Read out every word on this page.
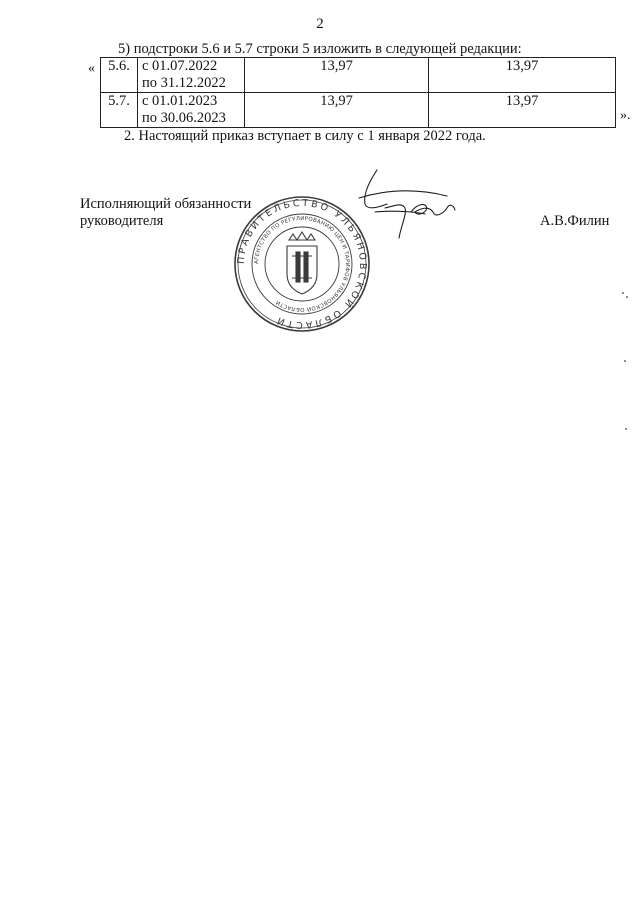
2
5) подстроки 5.6 и 5.7 строки 5 изложить в следующей редакции:
« 5.6.	с 01.07.2022
по 31.12.2022	13,97	13,97
5.7.	с 01.01.2023
по 30.06.2023	13,97	13,97
».
2. Настоящий приказ вступает в силу с 1 января 2022 года.
Исполняющий обязанности
руководителя	А.В.Филин
ПРАВИТЕЛЬСТВО УЛЬЯНОВСКОЙ ОБЛАСТИ
АГЕНТСТВО ПО РЕГУЛИРОВАНИЮ ЦЕН И ТАРИФОВ УЛЬЯНОВСКОЙ ОБЛАСТИ
